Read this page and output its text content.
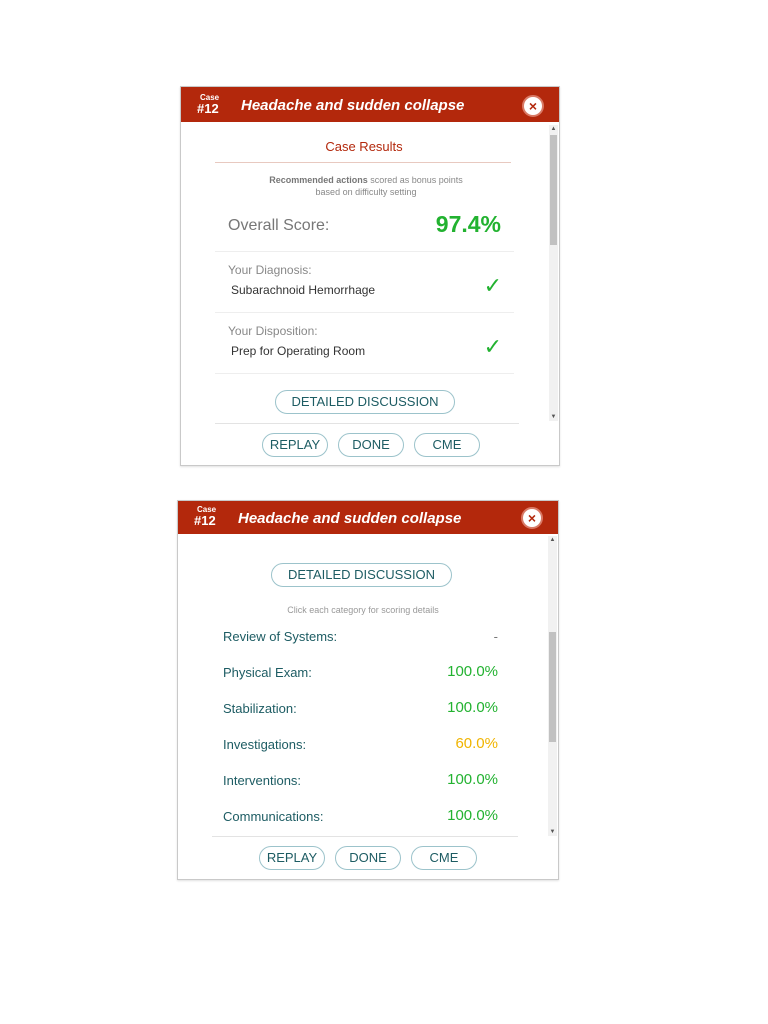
Case
#12 Headache and sudden collapse	×
▲
▼
Case Results
Recommended actions scored as bonus points
based on difficulty setting
Overall Score:	97.4%
Your Diagnosis:
Subarachnoid Hemorrhage	✓
Your Disposition:
Prep for Operating Room	✓
DETAILED DISCUSSION
REPLAY	DONE	CME
Case
#12 Headache and sudden collapse	×
▲
▼
DETAILED DISCUSSION
Click each category for scoring details
Review of Systems:	-
Physical Exam:	100.0%
Stabilization:	100.0%
Investigations:	60.0%
Interventions:	100.0%
Communications:	100.0%
REPLAY	DONE	CME
